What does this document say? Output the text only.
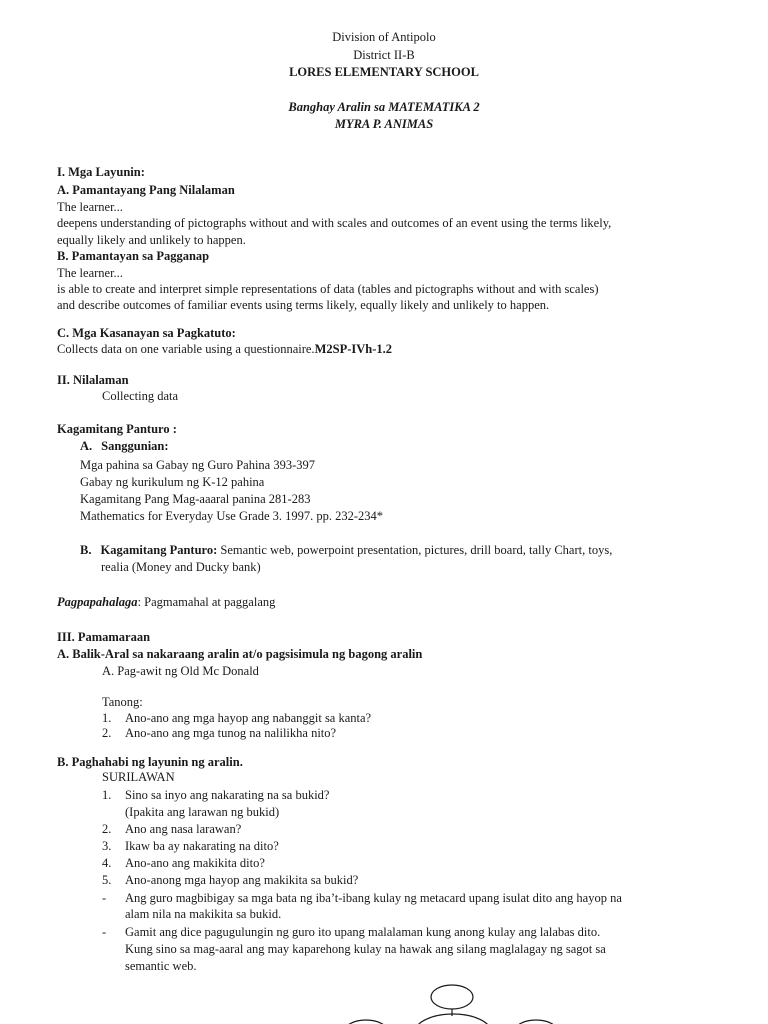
Division of Antipolo
District II-B
LORES ELEMENTARY SCHOOL
Banghay Aralin sa MATEMATIKA 2
MYRA P. ANIMAS
I. Mga Layunin:
A. Pamantayang Pang Nilalaman
The learner...
deepens understanding of pictographs without and with scales and outcomes of an event using the terms likely,
equally likely and unlikely to happen.
B. Pamantayan sa Pagganap
The learner...
is able to create and interpret simple representations of data (tables and pictographs without and with scales)
and describe outcomes of familiar events using terms likely, equally likely and unlikely to happen.
C. Mga Kasanayan sa Pagkatuto:
Collects data on one variable using a questionnaire.M2SP-IVh-1.2
II. Nilalaman
Collecting data
Kagamitang Panturo :
A. Sanggunian:
Mga pahina sa Gabay ng Guro Pahina 393-397
Gabay ng kurikulum ng K-12 pahina
Kagamitang Pang Mag-aaaral panina 281-283
Mathematics for Everyday Use Grade 3. 1997. pp. 232-234*
B. Kagamitang Panturo: Semantic web, powerpoint presentation, pictures, drill board, tally Chart, toys,
realia (Money and Ducky bank)
Pagpapahalaga: Pagmamahal at paggalang
III. Pamamaraan
A. Balik-Aral sa nakaraang aralin at/o pagsisimula ng bagong aralin
A. Pag-awit ng Old Mc Donald
Tanong:
1. Ano-ano ang mga hayop ang nabanggit sa kanta?
2. Ano-ano ang mga tunog na nalilikha nito?
B. Paghahabi ng layunin ng aralin.
SURILAWAN
1. Sino sa inyo ang nakarating na sa bukid?
(Ipakita ang larawan ng bukid)
2. Ano ang nasa larawan?
3. Ikaw ba ay nakarating na dito?
4. Ano-ano ang makikita dito?
5. Ano-anong mga hayop ang makikita sa bukid?
- Ang guro magbibigay sa mga bata ng iba’t-ibang kulay ng metacard upang isulat dito ang hayop na
alam nila na makikita sa bukid.
- Gamit ang dice pagugulungin ng guro ito upang malalaman kung anong kulay ang lalabas dito.
Kung sino sa mag-aaral ang may kaparehong kulay na hawak ang silang maglalagay ng sagot sa
semantic web.
